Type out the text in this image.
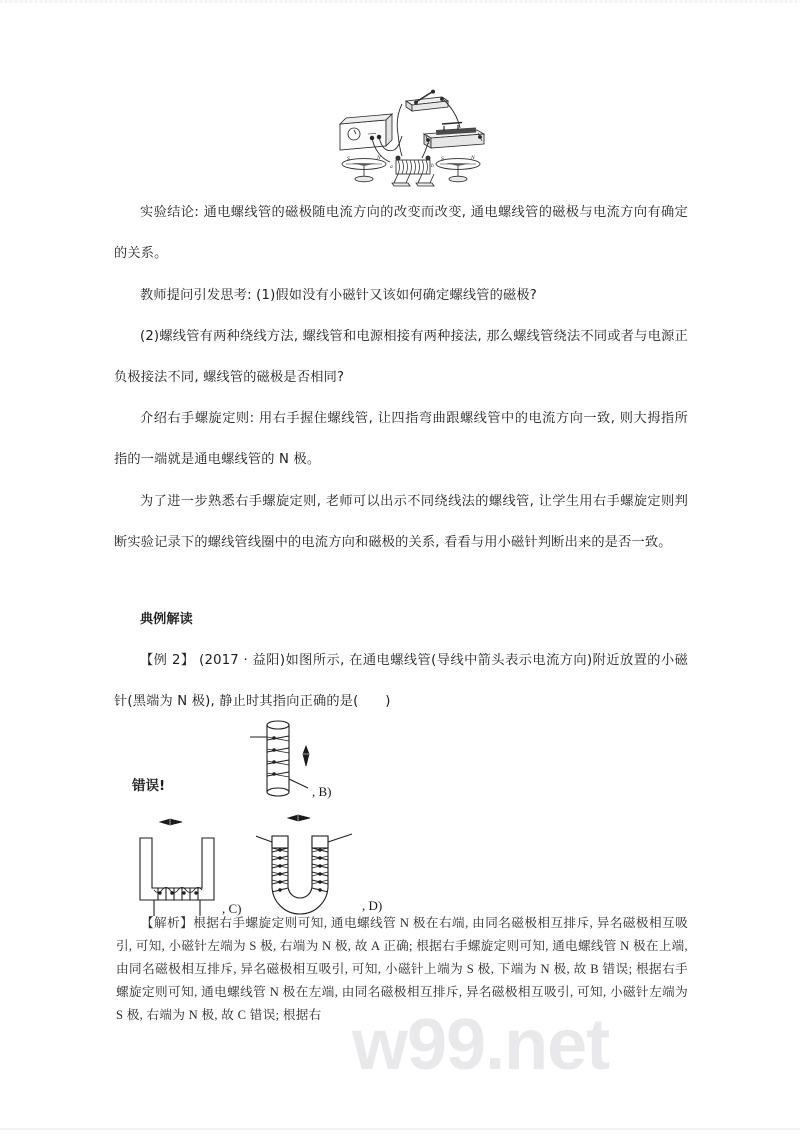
w99.net
S	N	S	N
a	b
实验结论: 通电螺线管的磁极随电流方向的改变而改变, 通电螺线管的磁极与电流方向有确定的关系。
教师提问引发思考: (1)假如没有小磁针又该如何确定螺线管的磁极?
(2)螺线管有两种绕线方法, 螺线管和电源相接有两种接法, 那么螺线管绕法不同或者与电源正负极接法不同, 螺线管的磁极是否相同?
介绍右手螺旋定则: 用右手握住螺线管, 让四指弯曲跟螺线管中的电流方向一致, 则大拇指所指的一端就是通电螺线管的 N 极。
为了进一步熟悉右手螺旋定则, 老师可以出示不同绕线法的螺线管, 让学生用右手螺旋定则判断实验记录下的螺线管线圈中的电流方向和磁极的关系, 看看与用小磁针判断出来的是否一致。
典例解读
【例 2】 (2017 · 益阳)如图所示, 在通电螺线管(导线中箭头表示电流方向)附近放置的小磁针(黑端为 N 极), 静止时其指向正确的是(　　)
错误!	, B)
, C)	, D)
【解析】根据右手螺旋定则可知, 通电螺线管 N 极在右端, 由同名磁极相互排斥, 异名磁极相互吸引, 可知, 小磁针左端为 S 极, 右端为 N 极, 故 A 正确; 根据右手螺旋定则可知, 通电螺线管 N 极在上端, 由同名磁极相互排斥, 异名磁极相互吸引, 可知, 小磁针上端为 S 极, 下端为 N 极, 故 B 错误; 根据右手螺旋定则可知, 通电螺线管 N 极在左端, 由同名磁极相互排斥, 异名磁极相互吸引, 可知, 小磁针左端为 S 极, 右端为 N 极, 故 C 错误; 根据右
